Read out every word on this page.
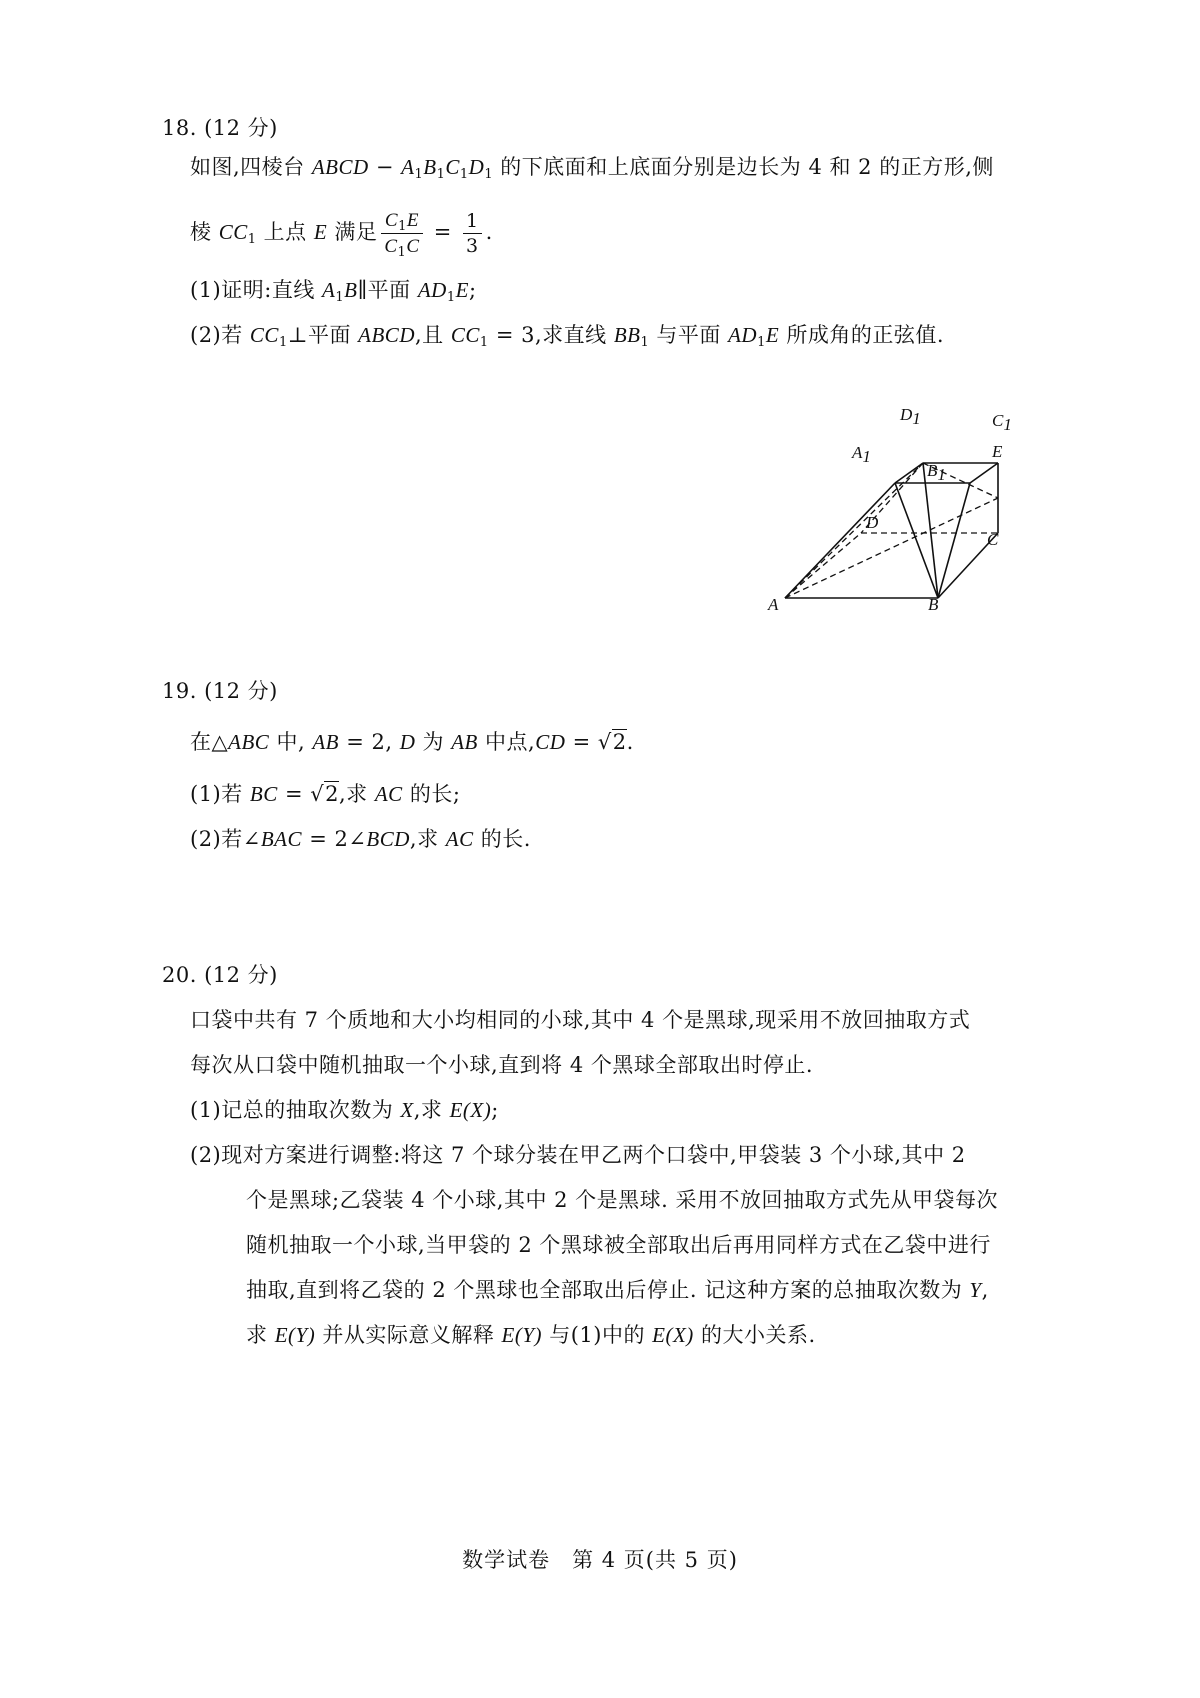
18. (12 分)
如图,四棱台 ABCD − $A_1B_1C_1D_1$ 的下底面和上底面分别是边长为 4 和 2 的正方形,侧
棱 $CC_1$ 上点 E 满足 $\frac{C_1E}{C_1C} = \frac{1}{3}$ .
(1)证明:直线 $A_1B\parallel$平面 $AD_1E$;
(2)若 $CC_1\perp$平面 ABCD,且 $CC_1 = 3$,求直线 $BB_1$ 与平面 $AD_1E$ 所成角的正弦值.
D1	C1
A1
B1
E
D
C
A	B
19. (12 分)
在△ABC 中, AB = 2, D 为 AB 中点,CD = √2.
(1)若 BC = √2,求 AC 的长;
(2)若∠BAC = 2∠BCD,求 AC 的长.
20. (12 分)
口袋中共有 7 个质地和大小均相同的小球,其中 4 个是黑球,现采用不放回抽取方式
每次从口袋中随机抽取一个小球,直到将 4 个黑球全部取出时停止.
(1)记总的抽取次数为 X,求 E(X);
(2)现对方案进行调整:将这 7 个球分装在甲乙两个口袋中,甲袋装 3 个小球,其中 2
个是黑球;乙袋装 4 个小球,其中 2 个是黑球. 采用不放回抽取方式先从甲袋每次
随机抽取一个小球,当甲袋的 2 个黑球被全部取出后再用同样方式在乙袋中进行
抽取,直到将乙袋的 2 个黑球也全部取出后停止. 记这种方案的总抽取次数为 Y,
求 E(Y) 并从实际意义解释 E(Y) 与(1)中的 E(X) 的大小关系.
数学试卷　第 4 页(共 5 页)
